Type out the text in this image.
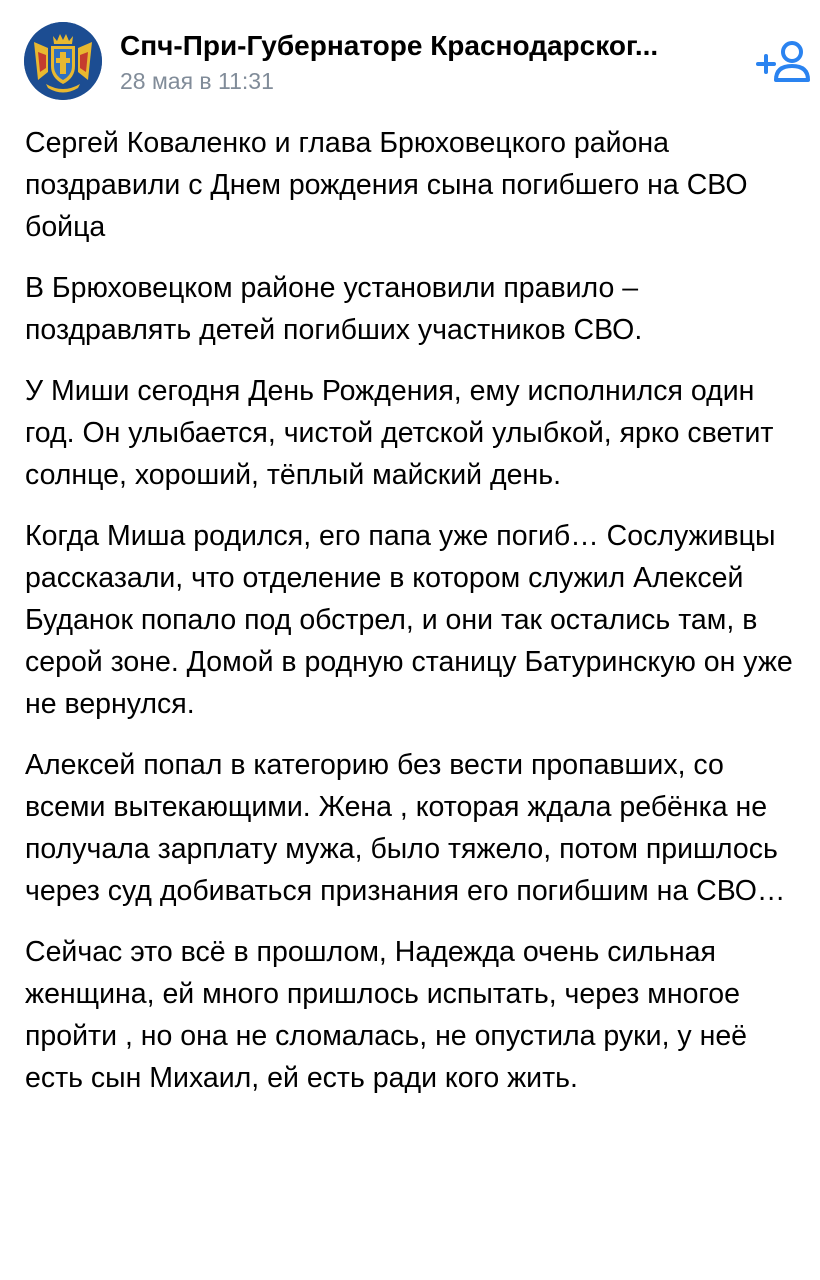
Спч-При-Губернаторе Краснодарског...
28 мая в 11:31

Сергей Коваленко и глава Брюховецкого района поздравили с Днем рождения сына погибшего на СВО бойца

В Брюховецком районе установили правило – поздравлять детей погибших участников СВО.

У Миши сегодня День Рождения, ему исполнился один год. Он улыбается, чистой детской улыбкой, ярко светит солнце, хороший, тёплый майский день.

Когда Миша родился, его папа уже погиб… Сослуживцы рассказали, что отделение в котором служил Алексей Буданок попало под обстрел, и они так остались там, в серой зоне. Домой в родную станицу Батуринскую он уже не вернулся.

Алексей попал в категорию без вести пропавших, со всеми вытекающими. Жена , которая ждала ребёнка не получала зарплату мужа, было тяжело, потом пришлось через суд добиваться признания его погибшим на СВО…

Сейчас это всё в прошлом, Надежда очень сильная женщина, ей много пришлось испытать, через многое пройти , но она не сломалась, не опустила руки, у неё есть сын Михаил, ей есть ради кого жить.
